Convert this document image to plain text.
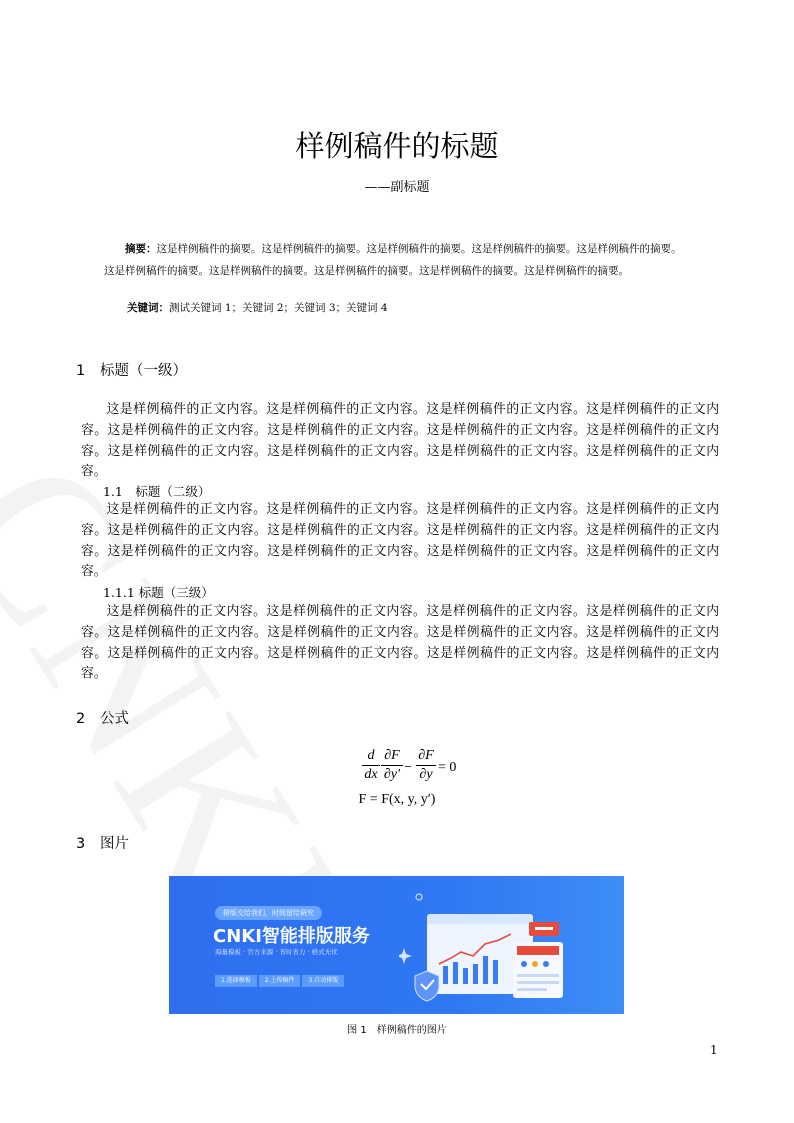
样例稿件的标题
——副标题
摘要：这是样例稿件的摘要。这是样例稿件的摘要。这是样例稿件的摘要。这是样例稿件的摘要。这是样例稿件的摘要。这是样例稿件的摘要。这是样例稿件的摘要。这是样例稿件的摘要。这是样例稿件的摘要。这是样例稿件的摘要。
关键词：测试关键词 1；关键词 2；关键词 3；关键词 4
1 标题（一级）
这是样例稿件的正文内容。这是样例稿件的正文内容。这是样例稿件的正文内容。这是样例稿件的正文内容。这是样例稿件的正文内容。这是样例稿件的正文内容。这是样例稿件的正文内容。这是样例稿件的正文内容。这是样例稿件的正文内容。这是样例稿件的正文内容。这是样例稿件的正文内容。这是样例稿件的正文内容。
1.1　标题（二级）
这是样例稿件的正文内容。这是样例稿件的正文内容。这是样例稿件的正文内容。这是样例稿件的正文内容。这是样例稿件的正文内容。这是样例稿件的正文内容。这是样例稿件的正文内容。这是样例稿件的正文内容。这是样例稿件的正文内容。这是样例稿件的正文内容。这是样例稿件的正文内容。这是样例稿件的正文内容。
1.1.1 标题（三级）
这是样例稿件的正文内容。这是样例稿件的正文内容。这是样例稿件的正文内容。这是样例稿件的正文内容。这是样例稿件的正文内容。这是样例稿件的正文内容。这是样例稿件的正文内容。这是样例稿件的正文内容。这是样例稿件的正文内容。这是样例稿件的正文内容。这是样例稿件的正文内容。这是样例稿件的正文内容。
2 公式
d
dx
∂F
∂y′ −
∂F
∂y = 0
F = F(x, y, y′)
3 图片
排版交给我们，时间留给研究
CNKI智能排版服务
海量模板 · 官方来源 · 省时省力 · 格式无忧
1.选择模板 2.上传稿件 3.自动排版
图 1　样例稿件的图片
1
